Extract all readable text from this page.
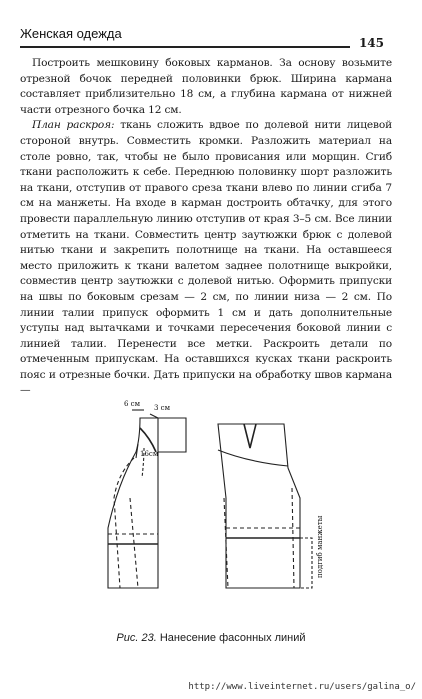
Женская одежда
145

Построить мешковину боковых карманов. За основу возьмите отрезной бочок передней половинки брюк. Ширина кармана составляет приблизительно 18 см, а глубина кармана от нижней части отрезного бочка 12 см.

План раскроя: ткань сложить вдвое по долевой нити лицевой стороной внутрь. Совместить кромки. Разложить материал на столе ровно, так, чтобы не было провисания или морщин. Сгиб ткани расположить к себе. Переднюю половинку шорт разложить на ткани, отступив от правого среза ткани влево по линии сгиба 7 см на манжеты. На входе в карман достроить обтачку, для этого провести параллельную линию отступив от края 3–5 см. Все линии отметить на ткани. Совместить центр заутюжки брюк с долевой нитью ткани и закрепить полотнище на ткани. На оставшееся место приложить к ткани валетом заднее полотнище выкройки, совместив центр заутюжки с долевой нитью. Оформить припуски на швы по боковым срезам — 2 см, по линии низа — 2 см. По линии талии припуск оформить 1 см и дать дополнительные уступы над вытачками и точками пересечения боковой линии с линией талии. Перенести все метки. Раскроить детали по отмеченным припускам. На оставшихся кусках ткани раскроить пояс и отрезные бочки. Дать припуски на обработку швов кармана —

6 см 3 см
16см
подгиб манжеты
Рис. 23. Нанесение фасонных линий
http://www.liveinternet.ru/users/galina_o/
